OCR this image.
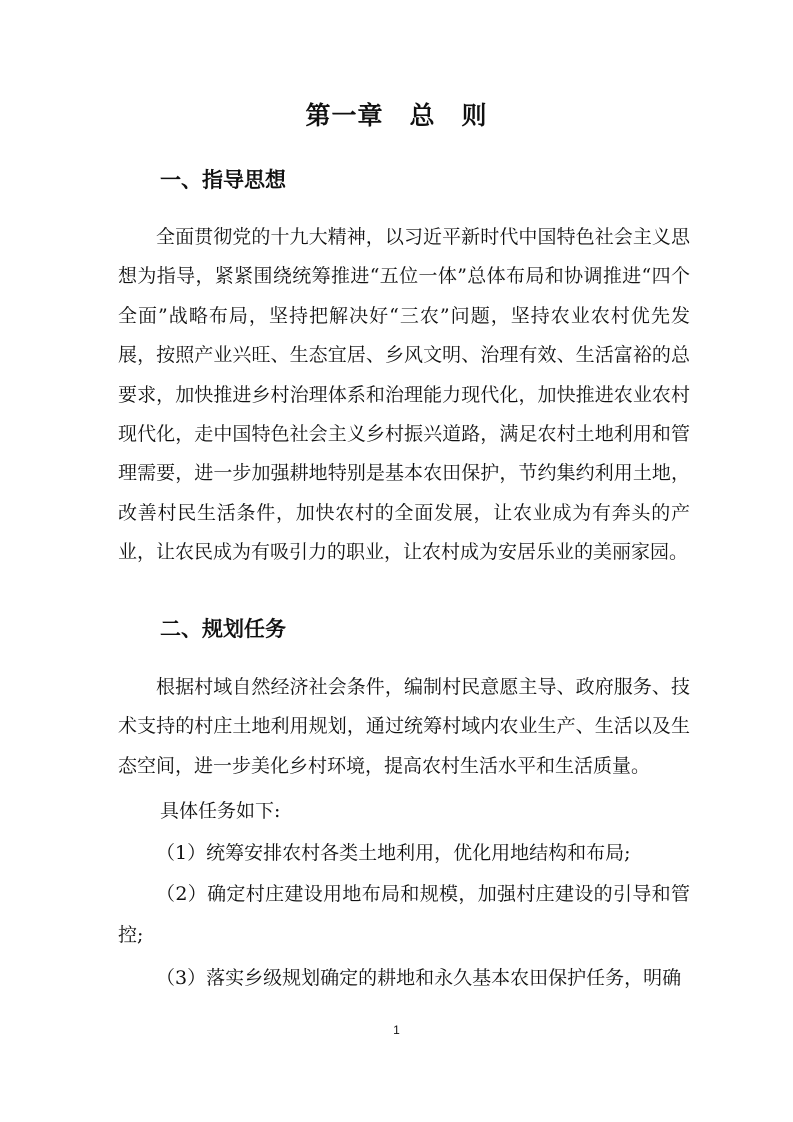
第一章　总　则
一、指导思想

全面贯彻党的十九大精神，以习近平新时代中国特色社会主义思想为指导，紧紧围绕统筹推进“五位一体”总体布局和协调推进“四个全面”战略布局，坚持把解决好“三农”问题，坚持农业农村优先发展，按照产业兴旺、生态宜居、乡风文明、治理有效、生活富裕的总要求，加快推进乡村治理体系和治理能力现代化，加快推进农业农村现代化，走中国特色社会主义乡村振兴道路，满足农村土地利用和管理需要，进一步加强耕地特别是基本农田保护，节约集约利用土地，改善村民生活条件，加快农村的全面发展，让农业成为有奔头的产业，让农民成为有吸引力的职业，让农村成为安居乐业的美丽家园。

二、规划任务

根据村域自然经济社会条件，编制村民意愿主导、政府服务、技术支持的村庄土地利用规划，通过统筹村域内农业生产、生活以及生态空间，进一步美化乡村环境，提高农村生活水平和生活质量。

具体任务如下:

（1）统筹安排农村各类土地利用，优化用地结构和布局;

（2）确定村庄建设用地布局和规模，加强村庄建设的引导和管控;

（3）落实乡级规划确定的耕地和永久基本农田保护任务，明确

1
